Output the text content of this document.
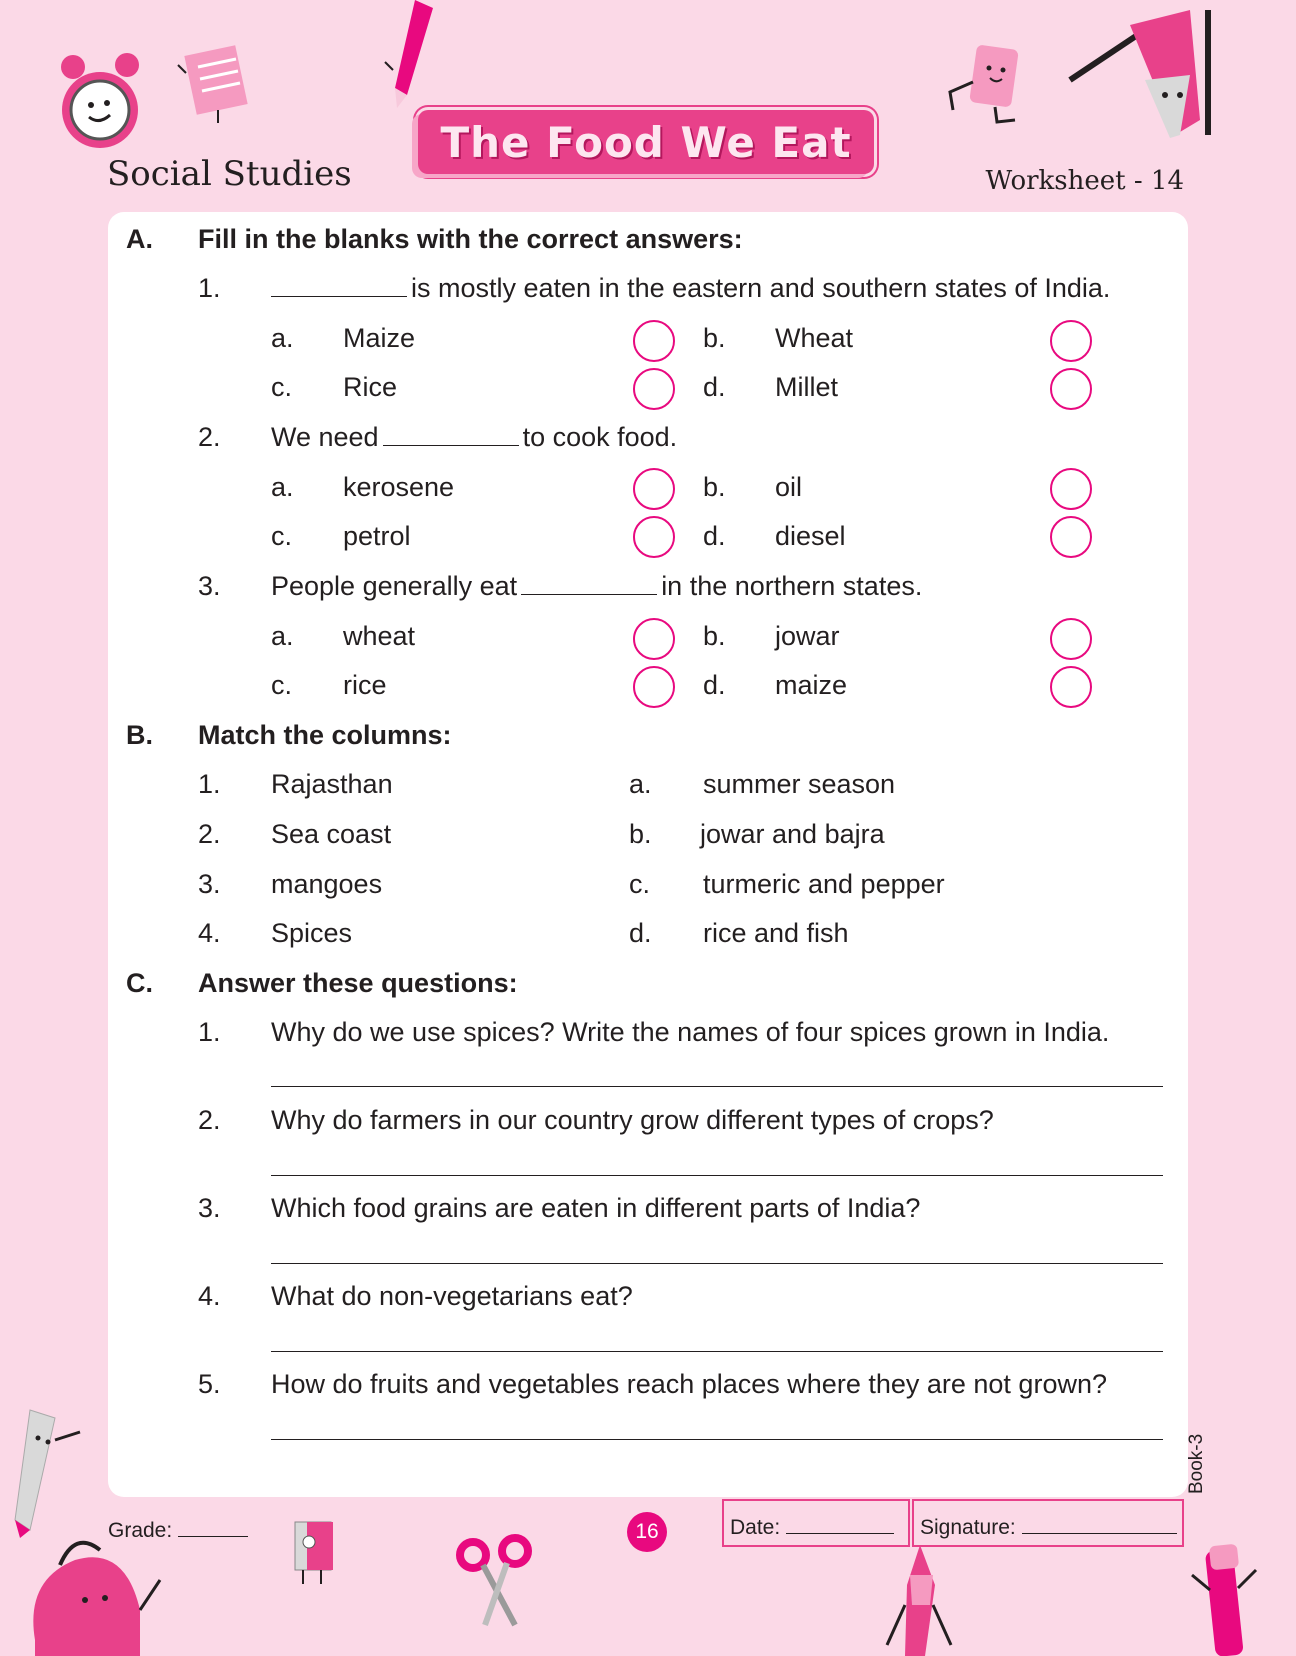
Social Studies
The Food We Eat
Worksheet - 14
A. Fill in the blanks with the correct answers:
1.	is mostly eaten in the eastern and southern states of India.
a. Maize	b. Wheat
c. Rice	d. Millet
2. We need	to cook food.
a. kerosene	b. oil
c. petrol	d. diesel
3. People generally eat	in the northern states.
a. wheat	b. jowar
c. rice	d. maize
B. Match the columns:
1. Rajasthan	a. summer season
2. Sea coast	b. jowar and bajra
3. mangoes	c. turmeric and pepper
4. Spices	d. rice and fish
C. Answer these questions:
1. Why do we use spices? Write the names of four spices grown in India.
2. Why do farmers in our country grow different types of crops?
3. Which food grains are eaten in different parts of India?
4. What do non-vegetarians eat?
5. How do fruits and vegetables reach places where they are not grown?
Book-3
Grade:	16	Date:	Signature:
